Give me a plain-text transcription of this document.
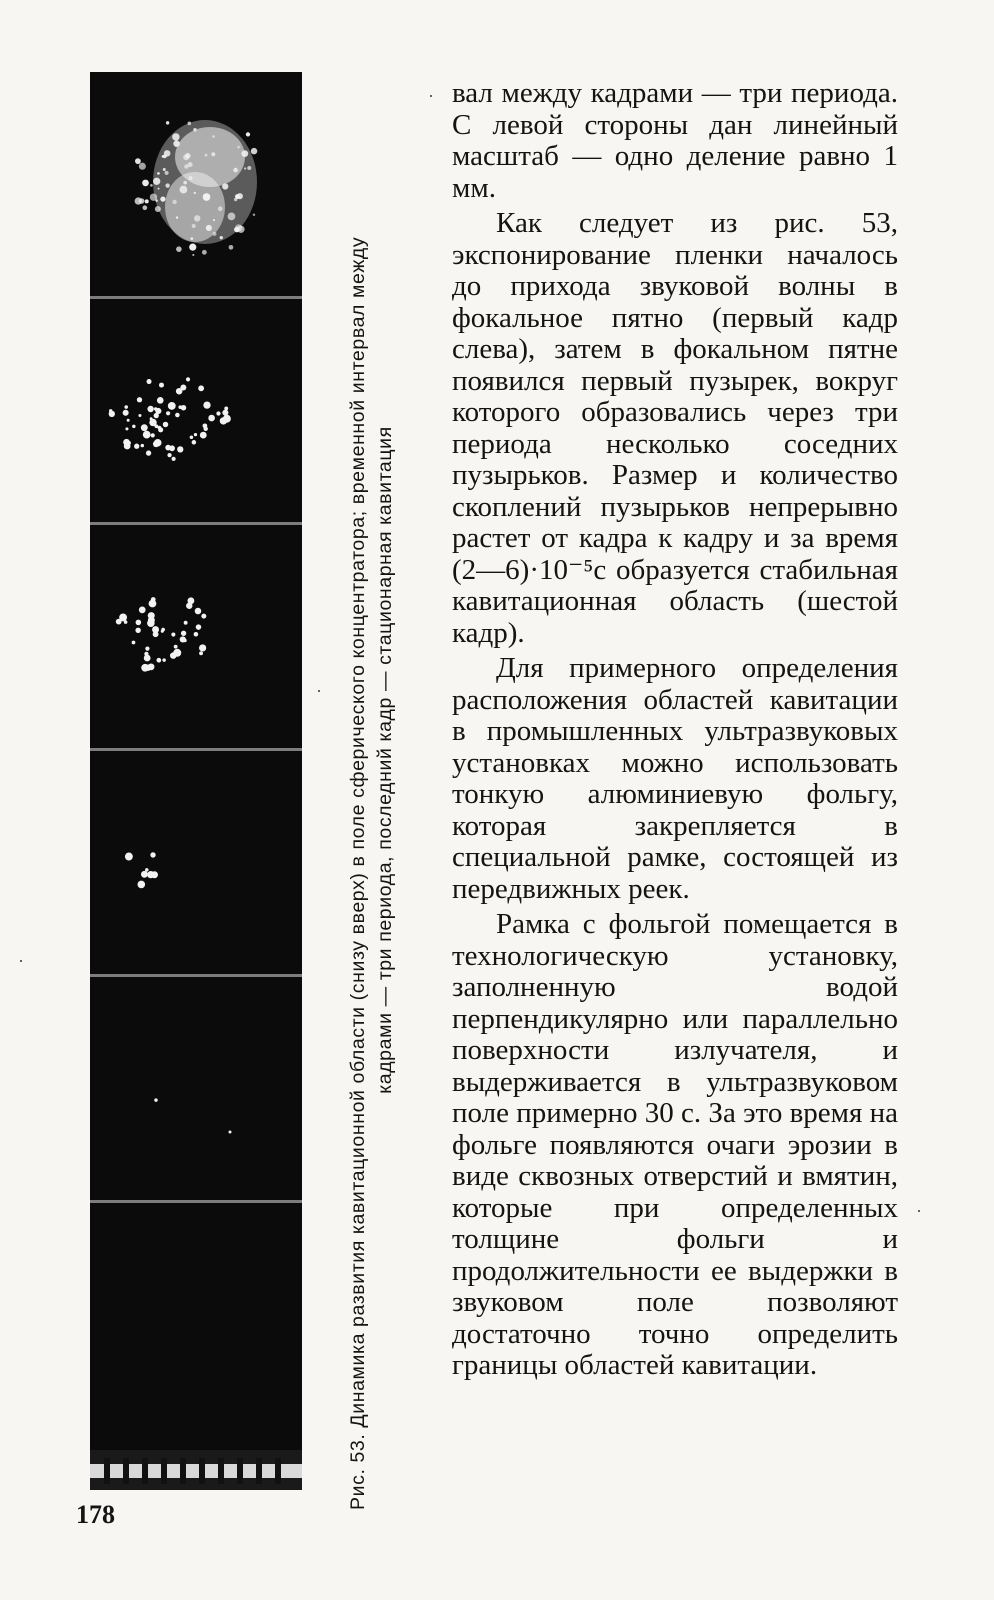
Рис. 53. Динамика развития кавитационной области (снизу вверх) в поле сферического концентратора; временной интервал между кадрами — три периода, последний кадр — стационарная кавитация

вал между кадрами — три периода. С левой стороны дан линейный масштаб — одно деление равно 1 мм.

Как следует из рис. 53, экспонирование пленки началось до прихода звуковой волны в фокальное пятно (первый кадр слева), затем в фокальном пятне появился первый пузырек, вокруг которого образовались через три периода несколько соседних пузырьков. Размер и количество скоплений пузырьков непрерывно растет от кадра к кадру и за время (2—6)·10⁻⁵с образуется стабильная кавитационная область (шестой кадр).

Для примерного определения расположения областей кавитации в промышленных ультразвуковых установках можно использовать тонкую алюминиевую фольгу, которая закрепляется в специальной рамке, состоящей из передвижных реек.

Рамка с фольгой помещается в технологическую установку, заполненную водой перпендикулярно или параллельно поверхности излучателя, и выдерживается в ультразвуковом поле примерно 30 с. За это время на фольге появляются очаги эрозии в виде сквозных отверстий и вмятин, которые при определенных толщине фольги и продолжительности ее выдержки в звуковом поле позволяют достаточно точно определить границы областей кавитации.

178
